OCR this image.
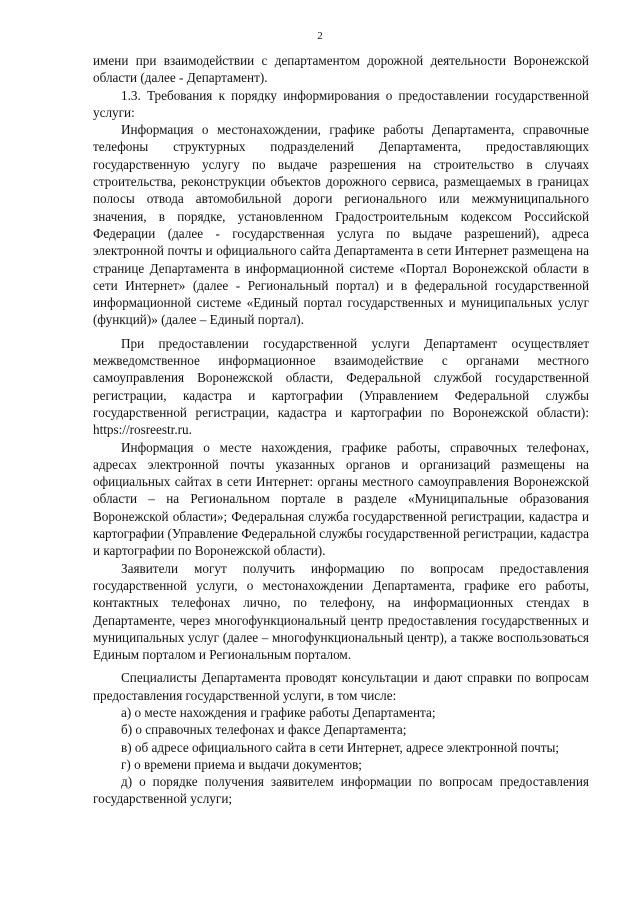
2

имени при взаимодействии с департаментом дорожной деятельности Воронежской области (далее - Департамент).

1.3. Требования к порядку информирования о предоставлении государственной услуги:

Информация о местонахождении, графике работы Департамента, справочные телефоны структурных подразделений Департамента, предоставляющих государственную услугу по выдаче разрешения на строительство в случаях строительства, реконструкции объектов дорожного сервиса, размещаемых в границах полосы отвода автомобильной дороги регионального или межмуниципального значения, в порядке, установленном Градостроительным кодексом Российской Федерации (далее - государственная услуга по выдаче разрешений), адреса электронной почты и официального сайта Департамента в сети Интернет размещена на странице Департамента в информационной системе «Портал Воронежской области в сети Интернет» (далее - Региональный портал) и в федеральной государственной информационной системе «Единый портал государственных и муниципальных услуг (функций)» (далее – Единый портал).

При предоставлении государственной услуги Департамент осуществляет межведомственное информационное взаимодействие с органами местного самоуправления Воронежской области, Федеральной службой государственной регистрации, кадастра и картографии (Управлением Федеральной службы государственной регистрации, кадастра и картографии по Воронежской области): https://rosreestr.ru.

Информация о месте нахождения, графике работы, справочных телефонах, адресах электронной почты указанных органов и организаций размещены на официальных сайтах в сети Интернет: органы местного самоуправления Воронежской области – на Региональном портале в разделе «Муниципальные образования Воронежской области»; Федеральная служба государственной регистрации, кадастра и картографии (Управление Федеральной службы государственной регистрации, кадастра и картографии по Воронежской области).

Заявители могут получить информацию по вопросам предоставления государственной услуги, о местонахождении Департамента, графике его работы, контактных телефонах лично, по телефону, на информационных стендах в Департаменте, через многофункциональный центр предоставления государственных и муниципальных услуг (далее – многофункциональный центр), а также воспользоваться Единым порталом и Региональным порталом.

Специалисты Департамента проводят консультации и дают справки по вопросам предоставления государственной услуги, в том числе:

а) о месте нахождения и графике работы Департамента;

б) о справочных телефонах и факсе Департамента;

в) об адресе официального сайта в сети Интернет, адресе электронной почты;

г) о времени приема и выдачи документов;

д) о порядке получения заявителем информации по вопросам предоставления государственной услуги;
